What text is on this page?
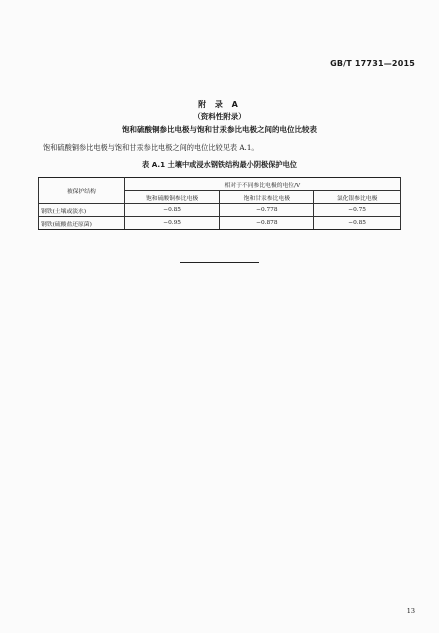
GB/T 17731—2015
附 录 A
（资料性附录）
饱和硫酸铜参比电极与饱和甘汞参比电极之间的电位比较表
饱和硫酸铜参比电极与饱和甘汞参比电极之间的电位比较见表 A.1。
表 A.1 土壤中或浸水钢铁结构最小阴极保护电位
被保护结构	相对于不同参比电极的电位/V		
	饱和硫酸铜参比电极	饱和甘汞参比电极	氯化银参比电极
钢铁(土壤或淡水)	−0.85	−0.778	−0.75
钢铁(硫酸盐还原菌)	−0.95	−0.878	−0.85
13
